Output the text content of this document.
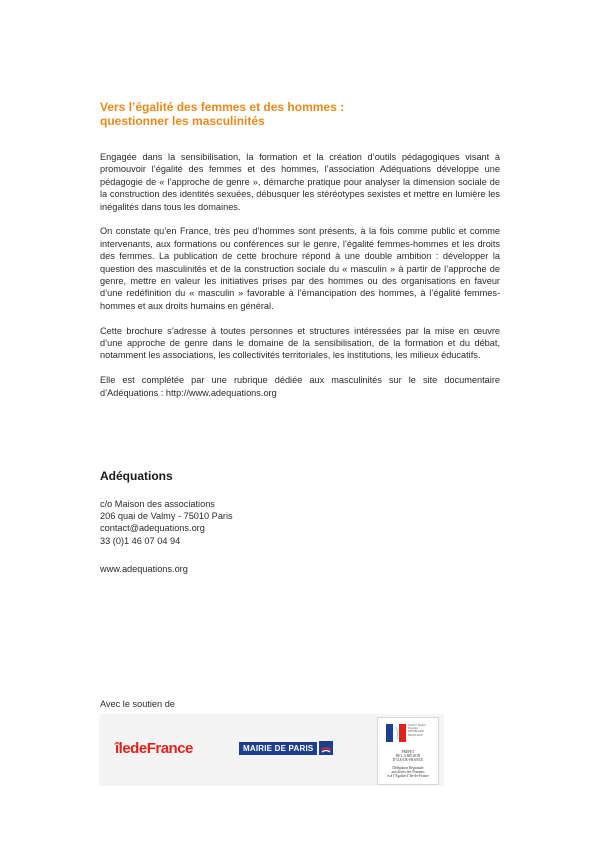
Vers l’égalité des femmes et des hommes :
questionner les masculinités

Engagée dans la sensibilisation, la formation et la création d’outils pédagogiques visant à promouvoir l’égalité des femmes et des hommes, l’association Adéquations développe une pédagogie de « l’approche de genre », démarche pratique pour analyser la dimension sociale de la construction des identités sexuées, débusquer les stéréotypes sexistes et mettre en lumière les inégalités dans tous les domaines.

On constate qu’en France, très peu d’hommes sont présents, à la fois comme public et comme intervenants, aux formations ou conférences sur le genre, l’égalité femmes-hommes et les droits des femmes. La publication de cette brochure répond à une double ambition : développer la question des masculinités et de la construction sociale du « masculin » à partir de l’approche de genre, mettre en valeur les initiatives prises par des hommes ou des organisations en faveur d’une redéfinition du « masculin » favorable à l’émancipation des hommes, à l’égalité femmes-hommes et aux droits humains en général.

Cette brochure s’adresse à toutes personnes et structures intéressées par la mise en œuvre d’une approche de genre dans le domaine de la sensibilisation, de la formation et du débat, notamment les associations, les collectivités territoriales, les institutions, les milieux éducatifs.

Elle est complétée par une rubrique dédiée aux masculinités sur le site documentaire d’Adéquations : http://www.adequations.org

Adéquations
c/o Maison des associations
206 quai de Valmy - 75010 Paris
contact@adequations.org
33 (0)1 46 07 04 94
www.adequations.org
Avec le soutien de
îledeFrance	MAIRIE DE PARIS
Liberté • Égalité • Fraternité RÉPUBLIQUE FRANÇAISE
PRÉFET
DE LA RÉGION
D’ILE-DE-FRANCE
Délégation Régionale
aux droits des Femmes
et à l’Égalité d’Ile-de-France
